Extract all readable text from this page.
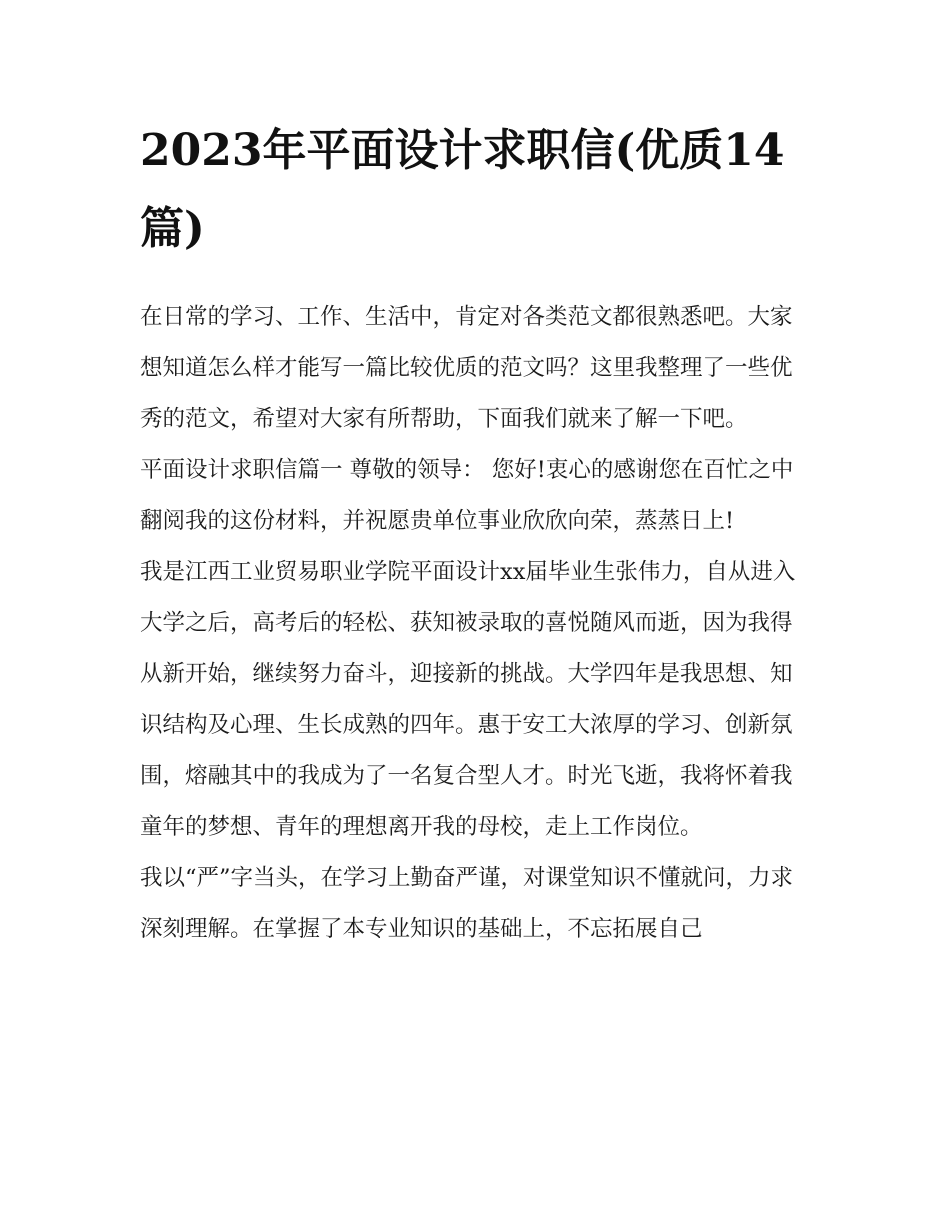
2023年平面设计求职信(优质14篇)

在日常的学习、工作、生活中，肯定对各类范文都很熟悉吧。大家想知道怎么样才能写一篇比较优质的范文吗？这里我整理了一些优秀的范文，希望对大家有所帮助，下面我们就来了解一下吧。

平面设计求职信篇一 尊敬的领导： 您好!衷心的感谢您在百忙之中翻阅我的这份材料，并祝愿贵单位事业欣欣向荣，蒸蒸日上!

我是江西工业贸易职业学院平面设计xx届毕业生张伟力，自从进入大学之后，高考后的轻松、获知被录取的喜悦随风而逝，因为我得从新开始，继续努力奋斗，迎接新的挑战。大学四年是我思想、知识结构及心理、生长成熟的四年。惠于安工大浓厚的学习、创新氛围，熔融其中的我成为了一名复合型人才。时光飞逝，我将怀着我童年的梦想、青年的理想离开我的母校，走上工作岗位。

我以“严”字当头，在学习上勤奋严谨，对课堂知识不懂就问，力求深刻理解。在掌握了本专业知识的基础上，不忘拓展自己
